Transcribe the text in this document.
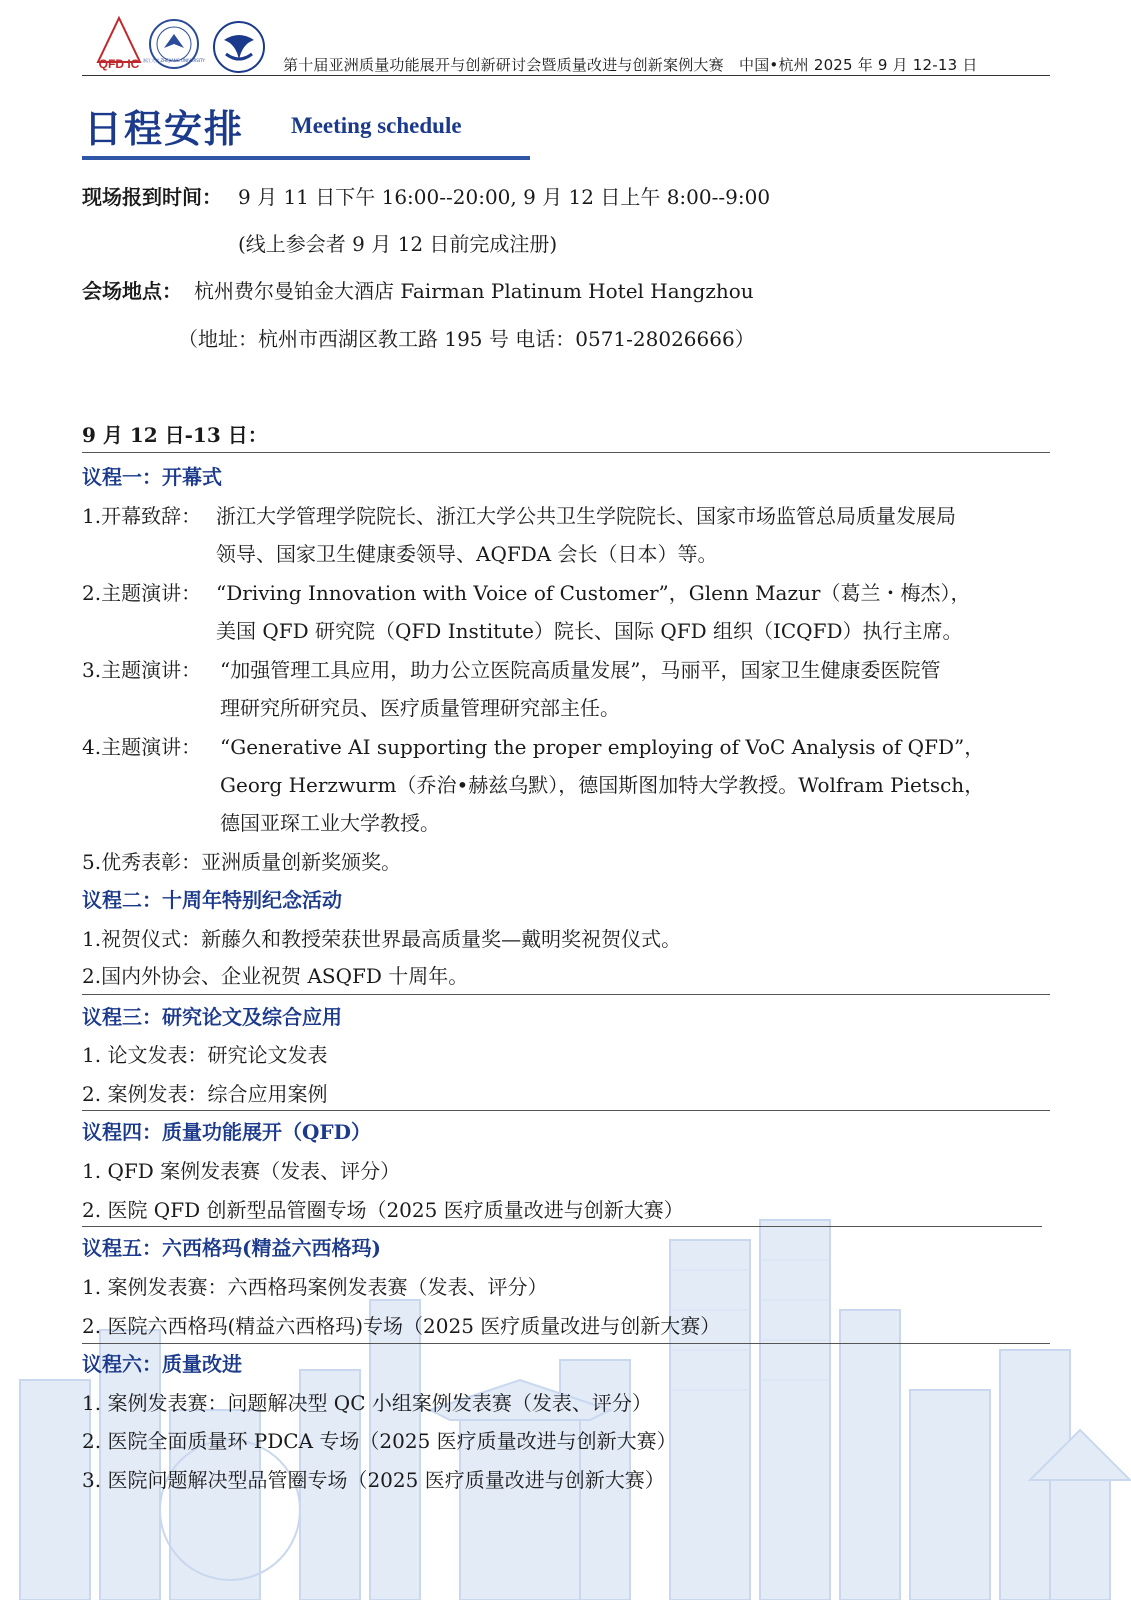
QFD IC 浙江大学 ZHEJIANG UNIVERSITY	第十届亚洲质量功能展开与创新研讨会暨质量改进与创新案例大赛　中国•杭州 2025 年 9 月 12-13 日
日程安排 Meeting schedule
现场报到时间： 9 月 11 日下午 16:00--20:00, 9 月 12 日上午 8:00--9:00
(线上参会者 9 月 12 日前完成注册)
会场地点： 杭州费尔曼铂金大酒店 Fairman Platinum Hotel Hangzhou
（地址：杭州市西湖区教工路 195 号 电话：0571-28026666）
9 月 12 日-13 日：
议程一：开幕式
1.开幕致辞： 浙江大学管理学院院长、浙江大学公共卫生学院院长、国家市场监管总局质量发展局
领导、国家卫生健康委领导、AQFDA 会长（日本）等。
2.主题演讲： “Driving Innovation with Voice of Customer”，Glenn Mazur（葛兰・梅杰），
美国 QFD 研究院（QFD Institute）院长、国际 QFD 组织（ICQFD）执行主席。
3.主题演讲： “加强管理工具应用，助力公立医院高质量发展”，马丽平，国家卫生健康委医院管
理研究所研究员、医疗质量管理研究部主任。
4.主题演讲： “Generative AI supporting the proper employing of VoC Analysis of QFD”，
Georg Herzwurm（乔治•赫兹乌默），德国斯图加特大学教授。Wolfram Pietsch，
德国亚琛工业大学教授。
5.优秀表彰：亚洲质量创新奖颁奖。
议程二：十周年特别纪念活动
1.祝贺仪式：新藤久和教授荣获世界最高质量奖—戴明奖祝贺仪式。
2.国内外协会、企业祝贺 ASQFD 十周年。
议程三：研究论文及综合应用
1. 论文发表：研究论文发表
2. 案例发表：综合应用案例
议程四：质量功能展开（QFD）
1. QFD 案例发表赛（发表、评分）
2. 医院 QFD 创新型品管圈专场（2025 医疗质量改进与创新大赛）
议程五：六西格玛(精益六西格玛)
1. 案例发表赛：六西格玛案例发表赛（发表、评分）
2. 医院六西格玛(精益六西格玛)专场（2025 医疗质量改进与创新大赛）
议程六：质量改进
1. 案例发表赛：问题解决型 QC 小组案例发表赛（发表、评分）
2. 医院全面质量环 PDCA 专场（2025 医疗质量改进与创新大赛）
3. 医院问题解决型品管圈专场（2025 医疗质量改进与创新大赛）
